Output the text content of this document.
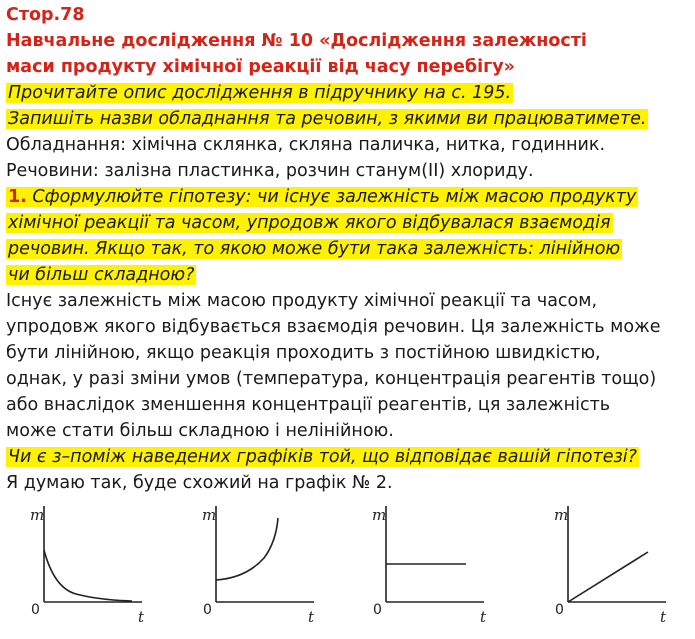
Стор.78
Навчальне дослідження № 10 «Дослідження залежності
маси продукту хімічної реакції від часу перебігу»
Прочитайте опис дослідження в підручнику на с. 195.
Запишіть назви обладнання та речовин, з якими ви працюватимете.
Обладнання: хімічна склянка, скляна паличка, нитка, годинник.
Речовини: залізна пластинка, розчин станум(II) хлориду.
1. Сформулюйте гіпотезу: чи існує залежність між масою продукту
хімічної реакції та часом, упродовж якого відбувалася взаємодія
речовин. Якщо так, то якою може бути така залежність: лінійною
чи більш складною?
Існує залежність між масою продукту хімічної реакції та часом,
упродовж якого відбувається взаємодія речовин. Ця залежність може
бути лінійною, якщо реакція проходить з постійною швидкістю,
однак, у разі зміни умов (температура, концентрація реагентів тощо)
або внаслідок зменшення концентрації реагентів, ця залежність
може стати більш складною і нелінійною.
Чи є з–поміж наведених графіків той, що відповідає вашій гіпотезі?
Я думаю так, буде схожий на графік № 2.
m
t
0
m
t
0
m
t
0
m
t
0
